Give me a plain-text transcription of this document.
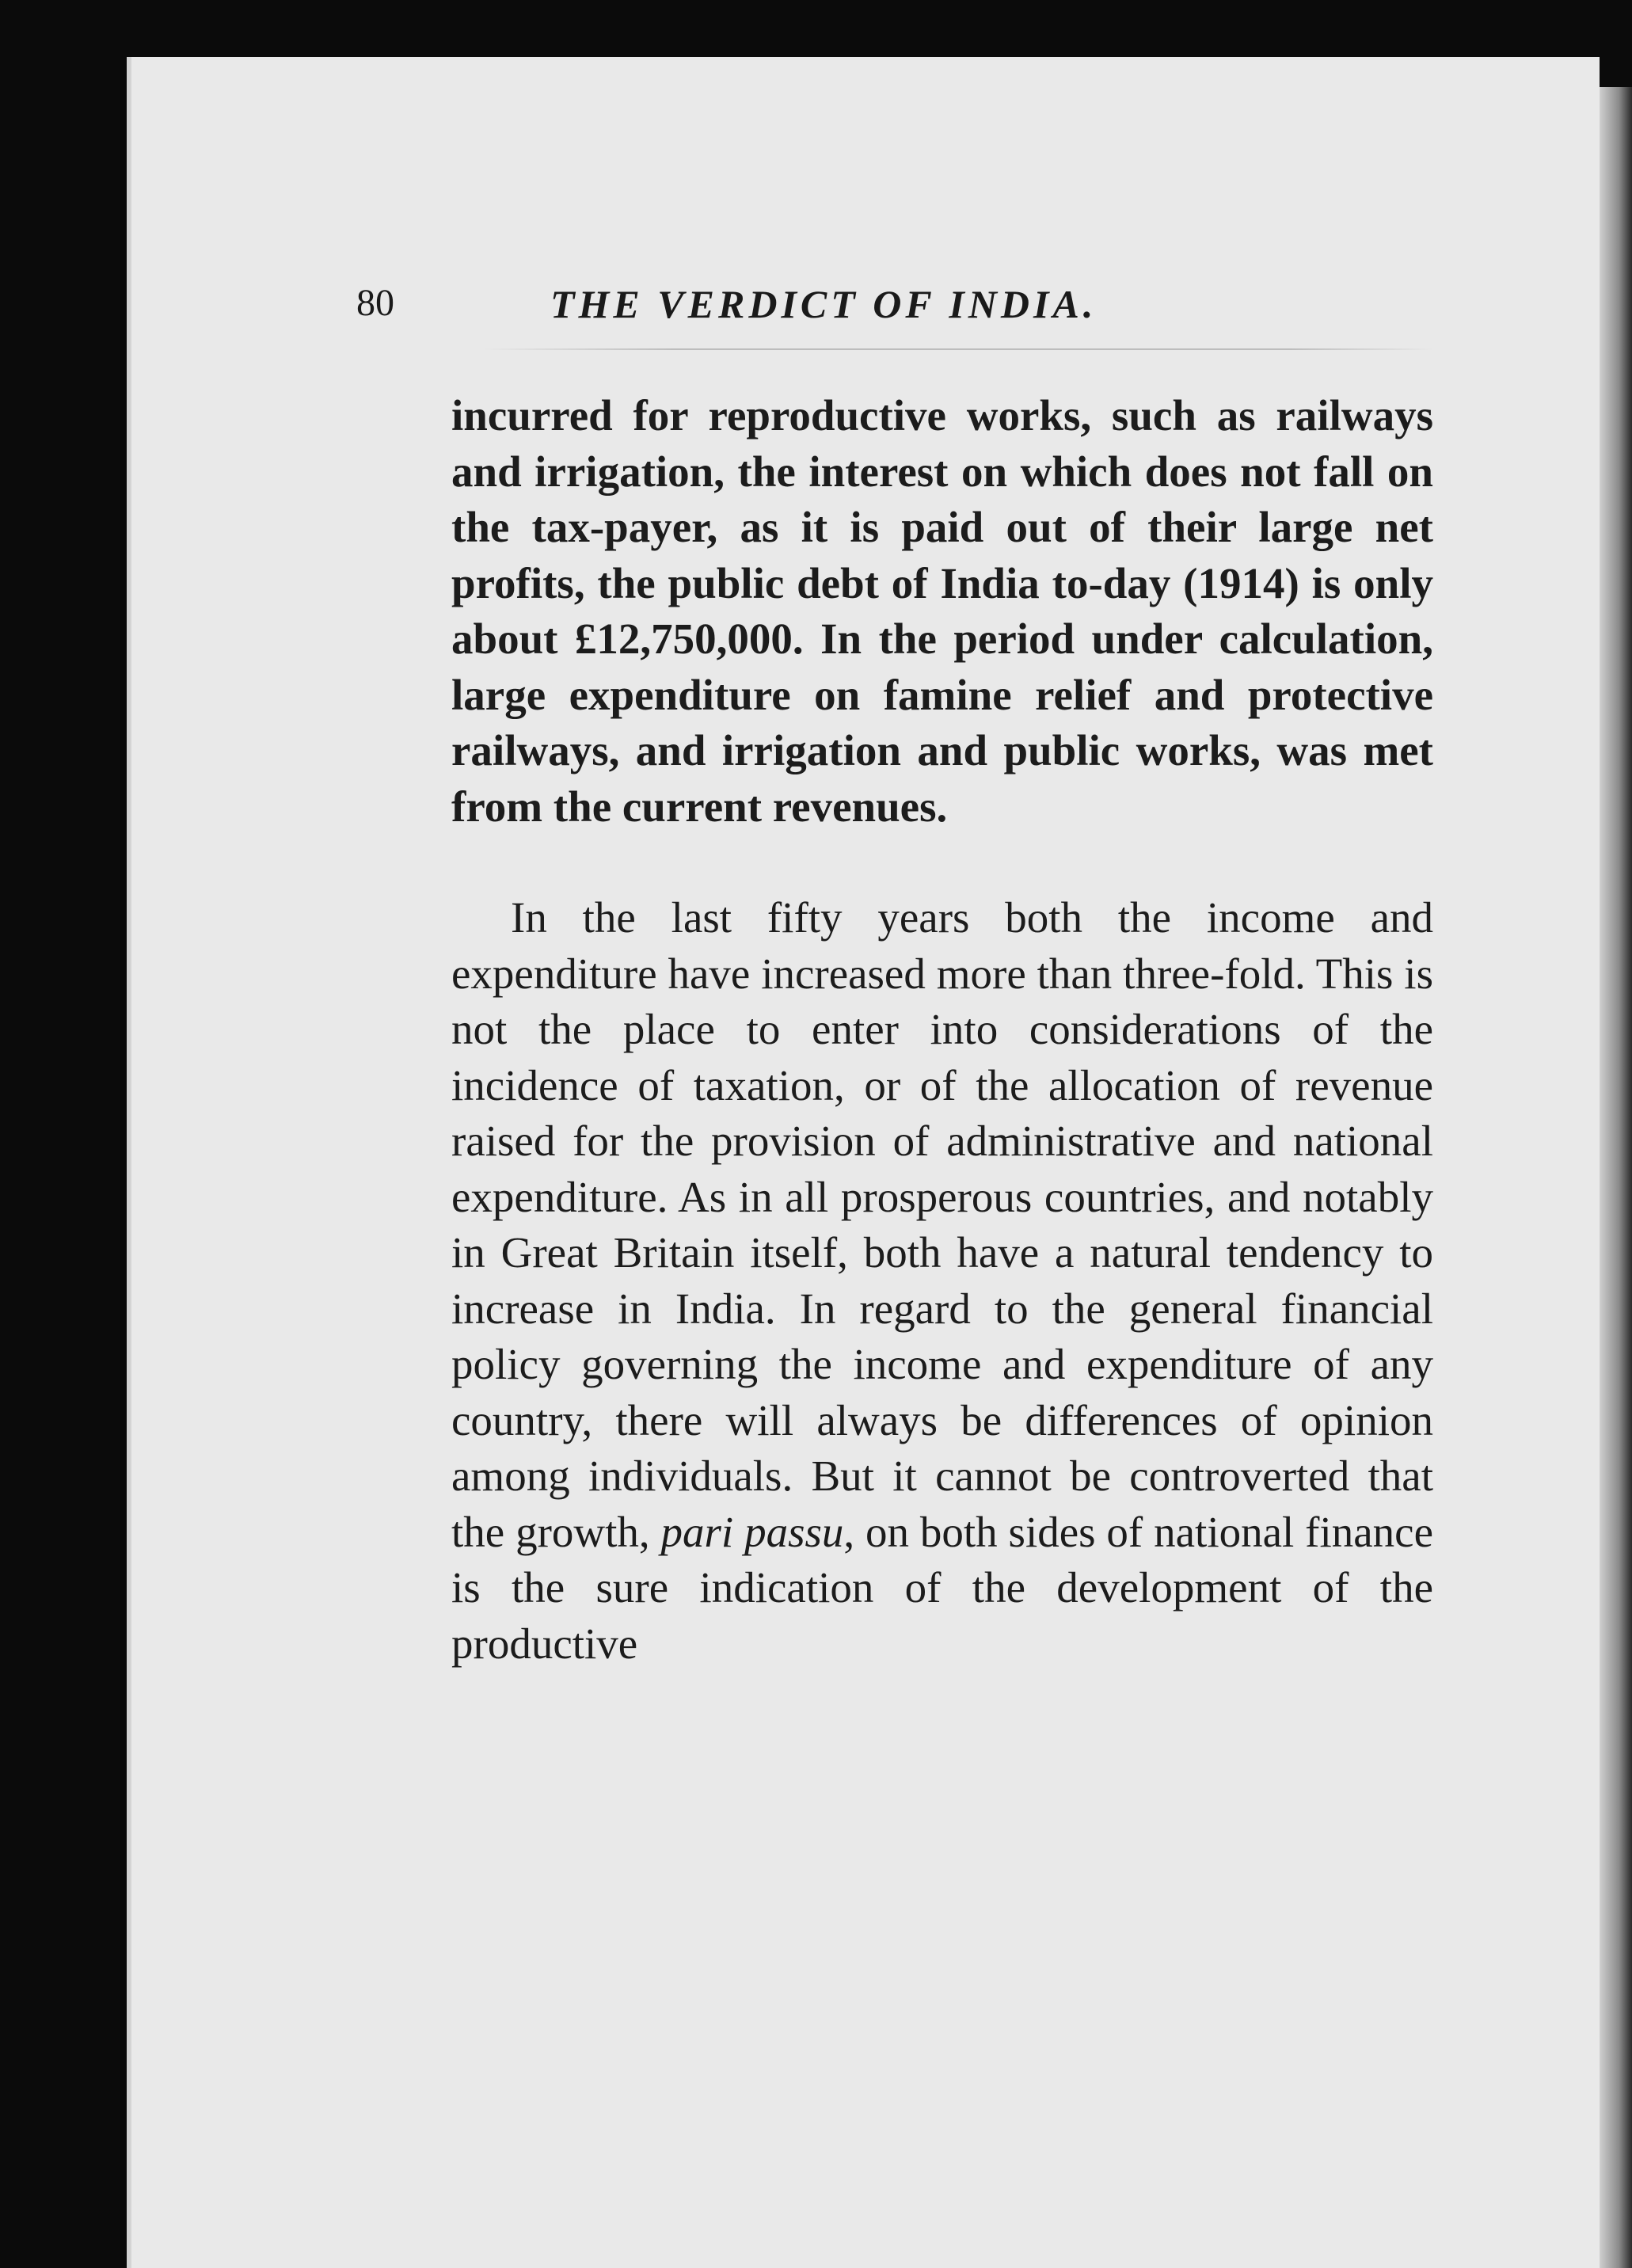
80	THE VERDICT OF INDIA.

incurred for reproductive works, such as railways and irrigation, the interest on which does not fall on the tax-payer, as it is paid out of their large net profits, the public debt of India to-day (1914) is only about £12,750,000. In the period under calculation, large expenditure on famine relief and protective railways, and irrigation and public works, was met from the current revenues.

In the last fifty years both the income and expenditure have increased more than three-fold. This is not the place to enter into considerations of the incidence of taxation, or of the allocation of revenue raised for the provision of administrative and national expenditure. As in all prosperous countries, and notably in Great Britain itself, both have a natural tendency to increase in India. In regard to the general financial policy governing the income and expenditure of any country, there will always be differences of opinion among individuals. But it cannot be controverted that the growth, pari passu, on both sides of national finance is the sure indication of the development of the productive
